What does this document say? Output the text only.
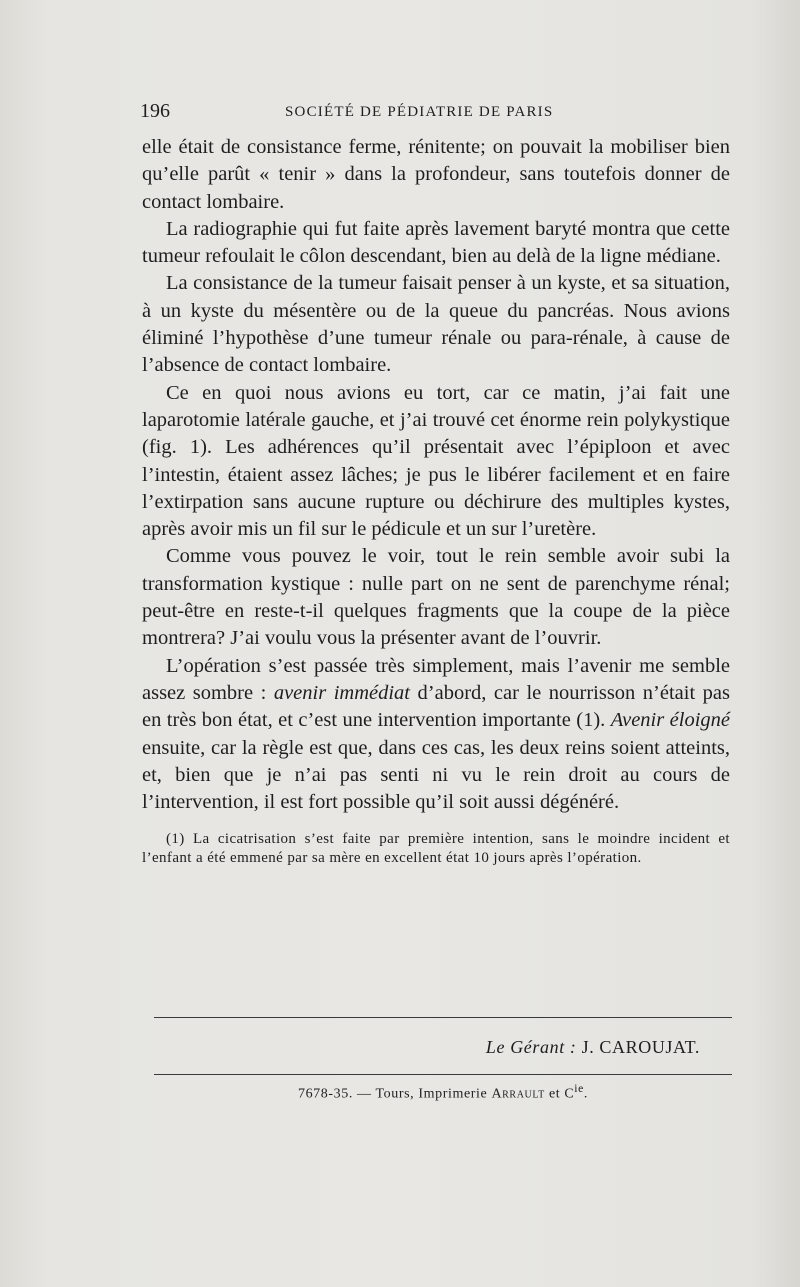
196	SOCIÉTÉ DE PÉDIATRIE DE PARIS

elle était de consistance ferme, rénitente; on pouvait la mobiliser bien qu’elle parût « tenir » dans la profondeur, sans toutefois donner de contact lombaire.

La radiographie qui fut faite après lavement baryté montra que cette tumeur refoulait le côlon descendant, bien au delà de la ligne médiane.

La consistance de la tumeur faisait penser à un kyste, et sa situation, à un kyste du mésentère ou de la queue du pancréas. Nous avions éliminé l’hypothèse d’une tumeur rénale ou para-rénale, à cause de l’absence de contact lombaire.

Ce en quoi nous avions eu tort, car ce matin, j’ai fait une laparotomie latérale gauche, et j’ai trouvé cet énorme rein polykystique (fig. 1). Les adhérences qu’il présentait avec l’épiploon et avec l’intestin, étaient assez lâches; je pus le libérer facilement et en faire l’extirpation sans aucune rupture ou déchirure des multiples kystes, après avoir mis un fil sur le pédicule et un sur l’uretère.

Comme vous pouvez le voir, tout le rein semble avoir subi la transformation kystique : nulle part on ne sent de parenchyme rénal; peut-être en reste-t-il quelques fragments que la coupe de la pièce montrera? J’ai voulu vous la présenter avant de l’ouvrir.

L’opération s’est passée très simplement, mais l’avenir me semble assez sombre : avenir immédiat d’abord, car le nourrisson n’était pas en très bon état, et c’est une intervention importante (1). Avenir éloigné ensuite, car la règle est que, dans ces cas, les deux reins soient atteints, et, bien que je n’ai pas senti ni vu le rein droit au cours de l’intervention, il est fort possible qu’il soit aussi dégénéré.

(1) La cicatrisation s’est faite par première intention, sans le moindre incident et l’enfant a été emmené par sa mère en excellent état 10 jours après l’opération.

Le Gérant : J. CAROUJAT.
7678-35. — Tours, Imprimerie Arrault et $C^{ie}$.
